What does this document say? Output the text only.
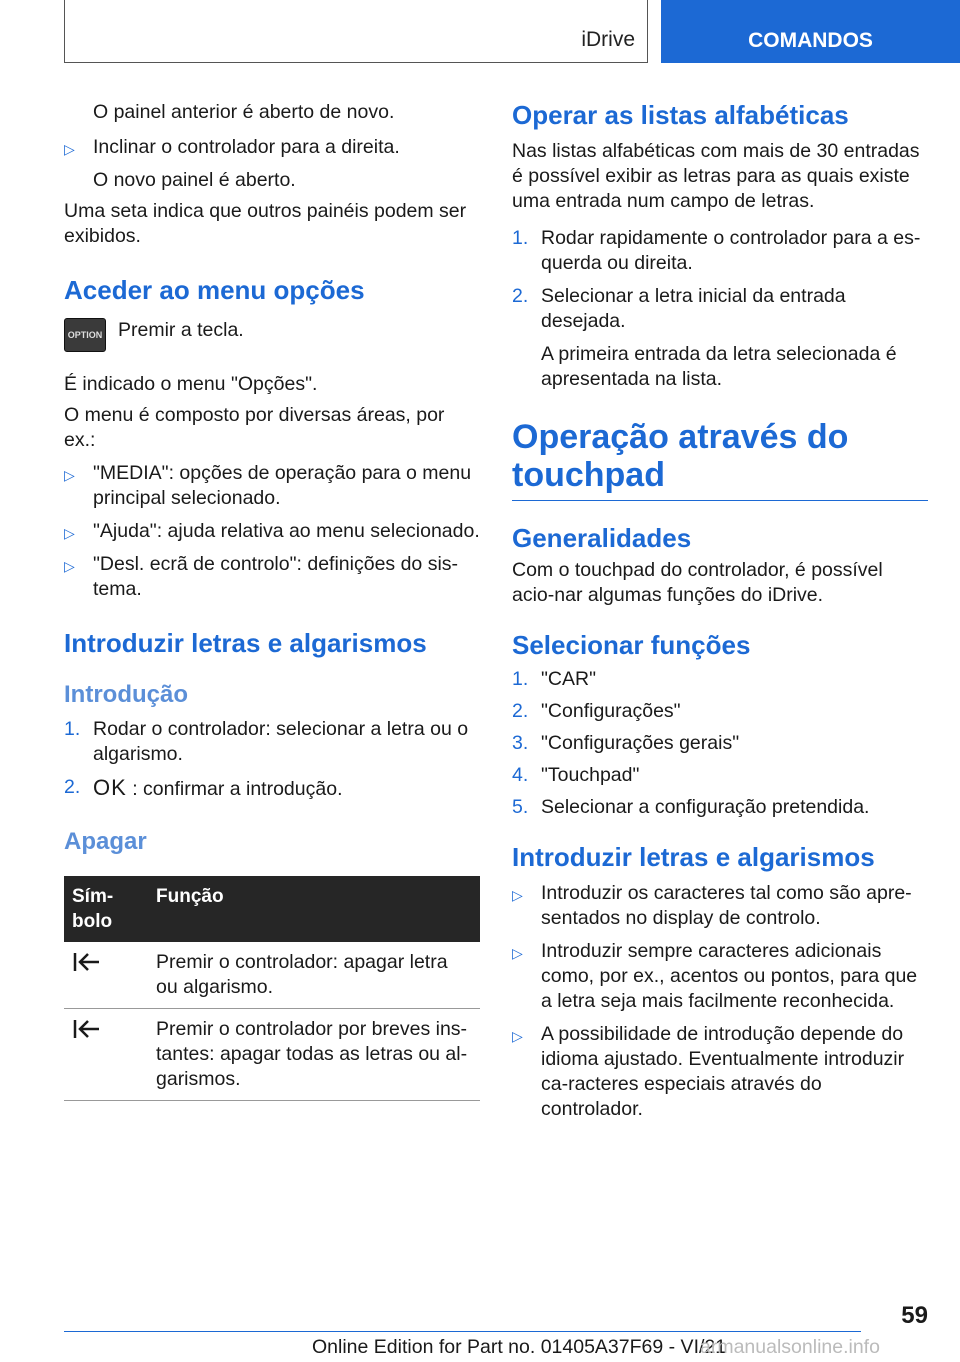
iDrive	COMANDOS

O painel anterior é aberto de novo.

▷ Inclinar o controlador para a direita.

O novo painel é aberto.

Uma seta indica que outros painéis podem ser exibidos.

Aceder ao menu opções
OPTION Premir a tecla.

É indicado o menu "Opções".

O menu é composto por diversas áreas, por ex.:

▷ "MEDIA": opções de operação para o menu principal selecionado.
▷ "Ajuda": ajuda relativa ao menu selecionado.
▷ "Desl. ecrã de controlo": definições do sis-tema.
Introduzir letras e algarismos
Introdução
1. Rodar o controlador: selecionar a letra ou o algarismo.
2. OK : confirmar a introdução.
Apagar
Sím-bolo	Função
	Premir o controlador: apagar letra ou algarismo.
	Premir o controlador por breves ins-tantes: apagar todas as letras ou al-garismos.
Operar as listas alfabéticas

Nas listas alfabéticas com mais de 30 entradas é possível exibir as letras para as quais existe uma entrada num campo de letras.

1. Rodar rapidamente o controlador para a es-querda ou direita.
2. Selecionar a letra inicial da entrada desejada.

A primeira entrada da letra selecionada é apresentada na lista.

Operação através do touchpad
Generalidades

Com o touchpad do controlador, é possível acio-nar algumas funções do iDrive.

Selecionar funções
1. "CAR"
2. "Configurações"
3. "Configurações gerais"
4. "Touchpad"
5. Selecionar a configuração pretendida.
Introduzir letras e algarismos
▷ Introduzir os caracteres tal como são apre-sentados no display de controlo.
▷ Introduzir sempre caracteres adicionais como, por ex., acentos ou pontos, para que a letra seja mais facilmente reconhecida.
▷ A possibilidade de introdução depende do idioma ajustado. Eventualmente introduzir ca-racteres especiais através do controlador.
59
Online Edition for Part no. 01405A37F69 - VI/21
armanualsonline.info
